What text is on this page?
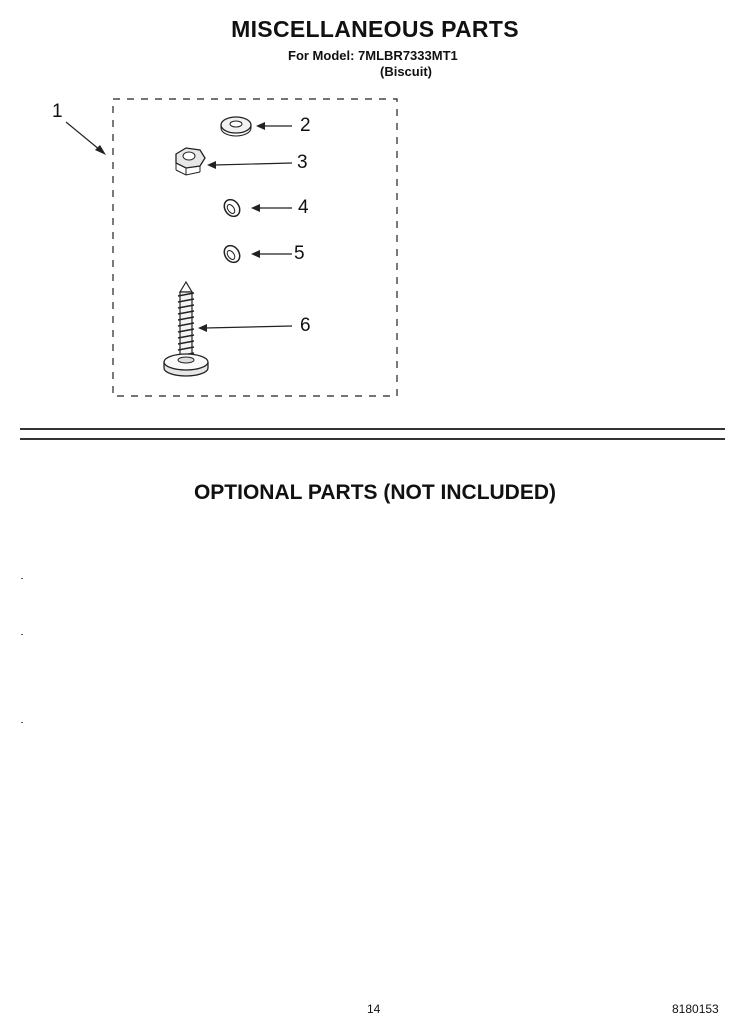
MISCELLANEOUS PARTS
For Model: 7MLBR7333MT1
(Biscuit)
1
2
3
4
5
6
OPTIONAL PARTS (NOT INCLUDED)
14	8180153
